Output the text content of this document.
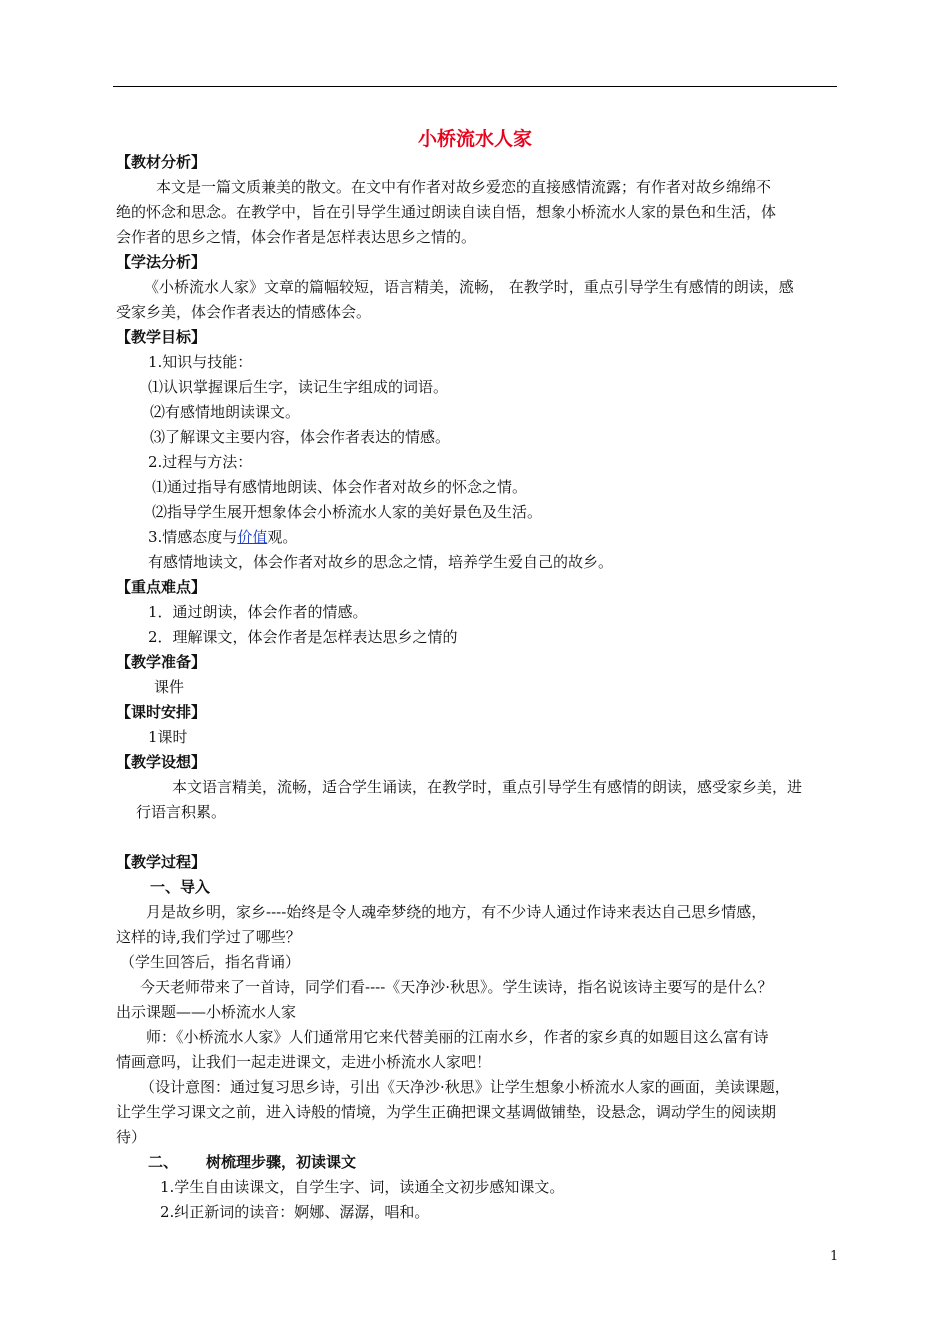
小桥流水人家
【教材分析】
本文是一篇文质兼美的散文。在文中有作者对故乡爱恋的直接感情流露；有作者对故乡绵绵不
绝的怀念和思念。在教学中，旨在引导学生通过朗读自读自悟，想象小桥流水人家的景色和生活，体
会作者的思乡之情，体会作者是怎样表达思乡之情的。
【学法分析】
《小桥流水人家》文章的篇幅较短，语言精美，流畅， 在教学时，重点引导学生有感情的朗读，感
受家乡美，体会作者表达的情感体会。
【教学目标】
1.知识与技能：
⑴认识掌握课后生字，读记生字组成的词语。
⑵有感情地朗读课文。
⑶了解课文主要内容，体会作者表达的情感。
2.过程与方法：
⑴通过指导有感情地朗读、体会作者对故乡的怀念之情。
⑵指导学生展开想象体会小桥流水人家的美好景色及生活。
3.情感态度与价值观。
有感情地读文，体会作者对故乡的思念之情，培养学生爱自己的故乡。
【重点难点】
1．通过朗读，体会作者的情感。
2．理解课文，体会作者是怎样表达思乡之情的
【教学准备】
课件
【课时安排】
1课时
【教学设想】
本文语言精美，流畅，适合学生诵读，在教学时，重点引导学生有感情的朗读，感受家乡美，进
行语言积累。
【教学过程】
一、导入
月是故乡明，家乡----始终是令人魂牵梦绕的地方，有不少诗人通过作诗来表达自己思乡情感，
这样的诗,我们学过了哪些？
（学生回答后，指名背诵）
今天老师带来了一首诗，同学们看----《天净沙·秋思》。学生读诗，指名说该诗主要写的是什么？
出示课题——小桥流水人家
师：《小桥流水人家》人们通常用它来代替美丽的江南水乡，作者的家乡真的如题目这么富有诗
情画意吗，让我们一起走进课文，走进小桥流水人家吧！
（设计意图：通过复习思乡诗，引出《天净沙·秋思》让学生想象小桥流水人家的画面，美读课题，
让学生学习课文之前，进入诗般的情境，为学生正确把课文基调做铺垫，设悬念，调动学生的阅读期
待）
二、 树梳理步骤，初读课文
1.学生自由读课文，自学生字、词，读通全文初步感知课文。
2.纠正新词的读音：婀娜、潺潺，唱和。
1
